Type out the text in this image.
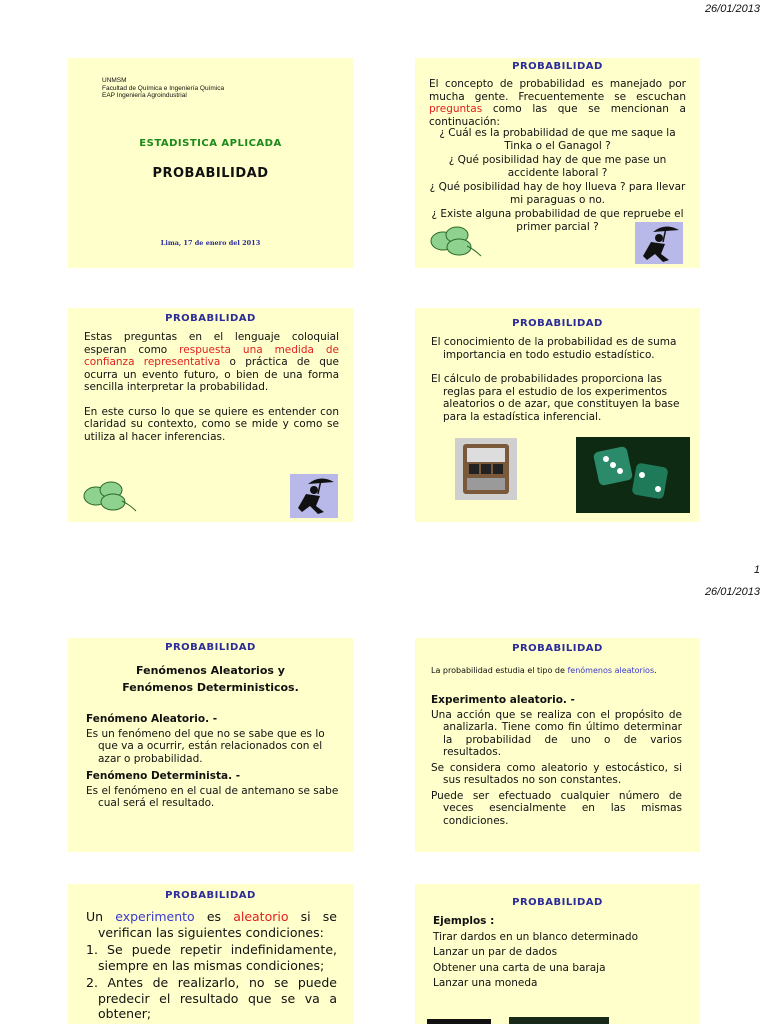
26/01/2013
UNMSM
Facultad de Química e Ingeniería Química
EAP Ingeniería Agroindustrial
ESTADISTICA APLICADA
PROBABILIDAD
Lima, 17 de enero del 2013
PROBABILIDAD

El concepto de probabilidad es manejado por mucha gente. Frecuentemente se escuchan preguntas como las que se mencionan a continuación:

¿ Cuál es la probabilidad de que me saque la Tinka o el Ganagol ?

¿ Qué posibilidad hay de que me pase un accidente laboral ?

¿ Qué posibilidad hay de hoy llueva ? para llevar mi paraguas o no.

¿ Existe alguna probabilidad de que repruebe el primer parcial ?

PROBABILIDAD

Estas preguntas en el lenguaje coloquial esperan como respuesta una medida de confianza representativa o práctica de que ocurra un evento futuro, o bien de una forma sencilla interpretar la probabilidad.

En este curso lo que se quiere es entender con claridad su contexto, como se mide y como se utiliza al hacer inferencias.

PROBABILIDAD

El conocimiento de la probabilidad es de suma importancia en todo estudio estadístico.

El cálculo de probabilidades proporciona las reglas para el estudio de los experimentos aleatorios o de azar, que constituyen la base para la estadística inferencial.

1
26/01/2013
PROBABILIDAD
Fenómenos Aleatorios y
Fenómenos Deterministicos.

Fenómeno Aleatorio. -

Es un fenómeno del que no se sabe que es lo que va a ocurrir, están relacionados con el azar o probabilidad.

Fenómeno Determinista. -

Es el fenómeno en el cual de antemano se sabe cual será el resultado.

PROBABILIDAD
La probabilidad estudia el tipo de fenómenos aleatorios.

Experimento aleatorio. -

Una acción que se realiza con el propósito de analizarla. Tiene como fin último determinar la probabilidad de uno o de varios resultados.

Se considera como aleatorio y estocástico, si sus resultados no son constantes.

Puede ser efectuado cualquier número de veces esencialmente en las mismas condiciones.

PROBABILIDAD

Un experimento es aleatorio si se verifican las siguientes condiciones:

1. Se puede repetir indefinidamente, siempre en las mismas condiciones;

2. Antes de realizarlo, no se puede predecir el resultado que se va a obtener;

PROBABILIDAD

Ejemplos :

Tirar dardos en un blanco determinado

Lanzar un par de dados

Obtener una carta de una baraja

Lanzar una moneda
